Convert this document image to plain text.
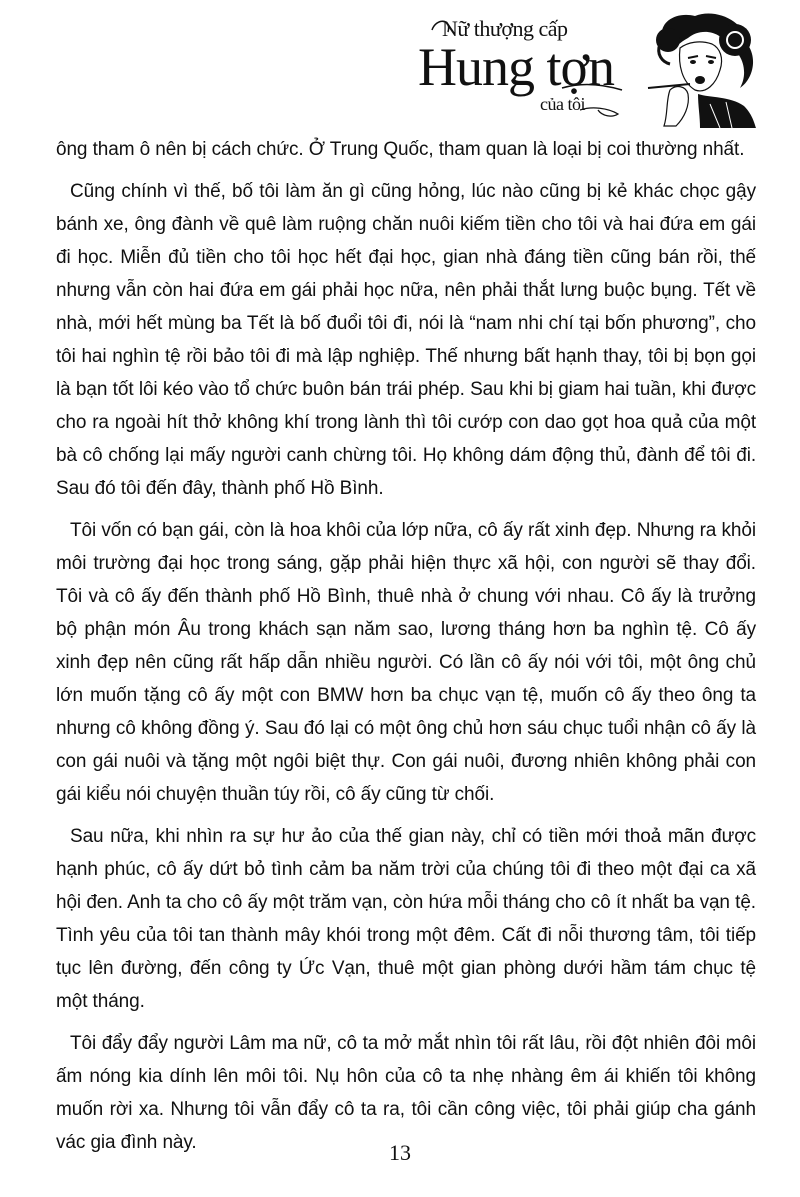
Nữ thượng cấp
Hung tợn
của tôi

ông tham ô nên bị cách chức. Ở Trung Quốc, tham quan là loại bị coi thường nhất.

Cũng chính vì thế, bố tôi làm ăn gì cũng hỏng, lúc nào cũng bị kẻ khác chọc gậy bánh xe, ông đành về quê làm ruộng chăn nuôi kiếm tiền cho tôi và hai đứa em gái đi học. Miễn đủ tiền cho tôi học hết đại học, gian nhà đáng tiền cũng bán rồi, thế nhưng vẫn còn hai đứa em gái phải học nữa, nên phải thắt lưng buộc bụng. Tết về nhà, mới hết mùng ba Tết là bố đuổi tôi đi, nói là “nam nhi chí tại bốn phương”, cho tôi hai nghìn tệ rồi bảo tôi đi mà lập nghiệp. Thế nhưng bất hạnh thay, tôi bị bọn gọi là bạn tốt lôi kéo vào tổ chức buôn bán trái phép. Sau khi bị giam hai tuần, khi được cho ra ngoài hít thở không khí trong lành thì tôi cướp con dao gọt hoa quả của một bà cô chống lại mấy người canh chừng tôi. Họ không dám động thủ, đành để tôi đi. Sau đó tôi đến đây, thành phố Hồ Bình.

Tôi vốn có bạn gái, còn là hoa khôi của lớp nữa, cô ấy rất xinh đẹp. Nhưng ra khỏi môi trường đại học trong sáng, gặp phải hiện thực xã hội, con người sẽ thay đổi. Tôi và cô ấy đến thành phố Hồ Bình, thuê nhà ở chung với nhau. Cô ấy là trưởng bộ phận món Âu trong khách sạn năm sao, lương tháng hơn ba nghìn tệ. Cô ấy xinh đẹp nên cũng rất hấp dẫn nhiều người. Có lần cô ấy nói với tôi, một ông chủ lớn muốn tặng cô ấy một con BMW hơn ba chục vạn tệ, muốn cô ấy theo ông ta nhưng cô không đồng ý. Sau đó lại có một ông chủ hơn sáu chục tuổi nhận cô ấy là con gái nuôi và tặng một ngôi biệt thự. Con gái nuôi, đương nhiên không phải con gái kiểu nói chuyện thuần túy rồi, cô ấy cũng từ chối.

Sau nữa, khi nhìn ra sự hư ảo của thế gian này, chỉ có tiền mới thoả mãn được hạnh phúc, cô ấy dứt bỏ tình cảm ba năm trời của chúng tôi đi theo một đại ca xã hội đen. Anh ta cho cô ấy một trăm vạn, còn hứa mỗi tháng cho cô ít nhất ba vạn tệ. Tình yêu của tôi tan thành mây khói trong một đêm. Cất đi nỗi thương tâm, tôi tiếp tục lên đường, đến công ty Ức Vạn, thuê một gian phòng dưới hầm tám chục tệ một tháng.

Tôi đẩy đẩy người Lâm ma nữ, cô ta mở mắt nhìn tôi rất lâu, rồi đột nhiên đôi môi ấm nóng kia dính lên môi tôi. Nụ hôn của cô ta nhẹ nhàng êm ái khiến tôi không muốn rời xa. Nhưng tôi vẫn đẩy cô ta ra, tôi cần công việc, tôi phải giúp cha gánh vác gia đình này.	13
